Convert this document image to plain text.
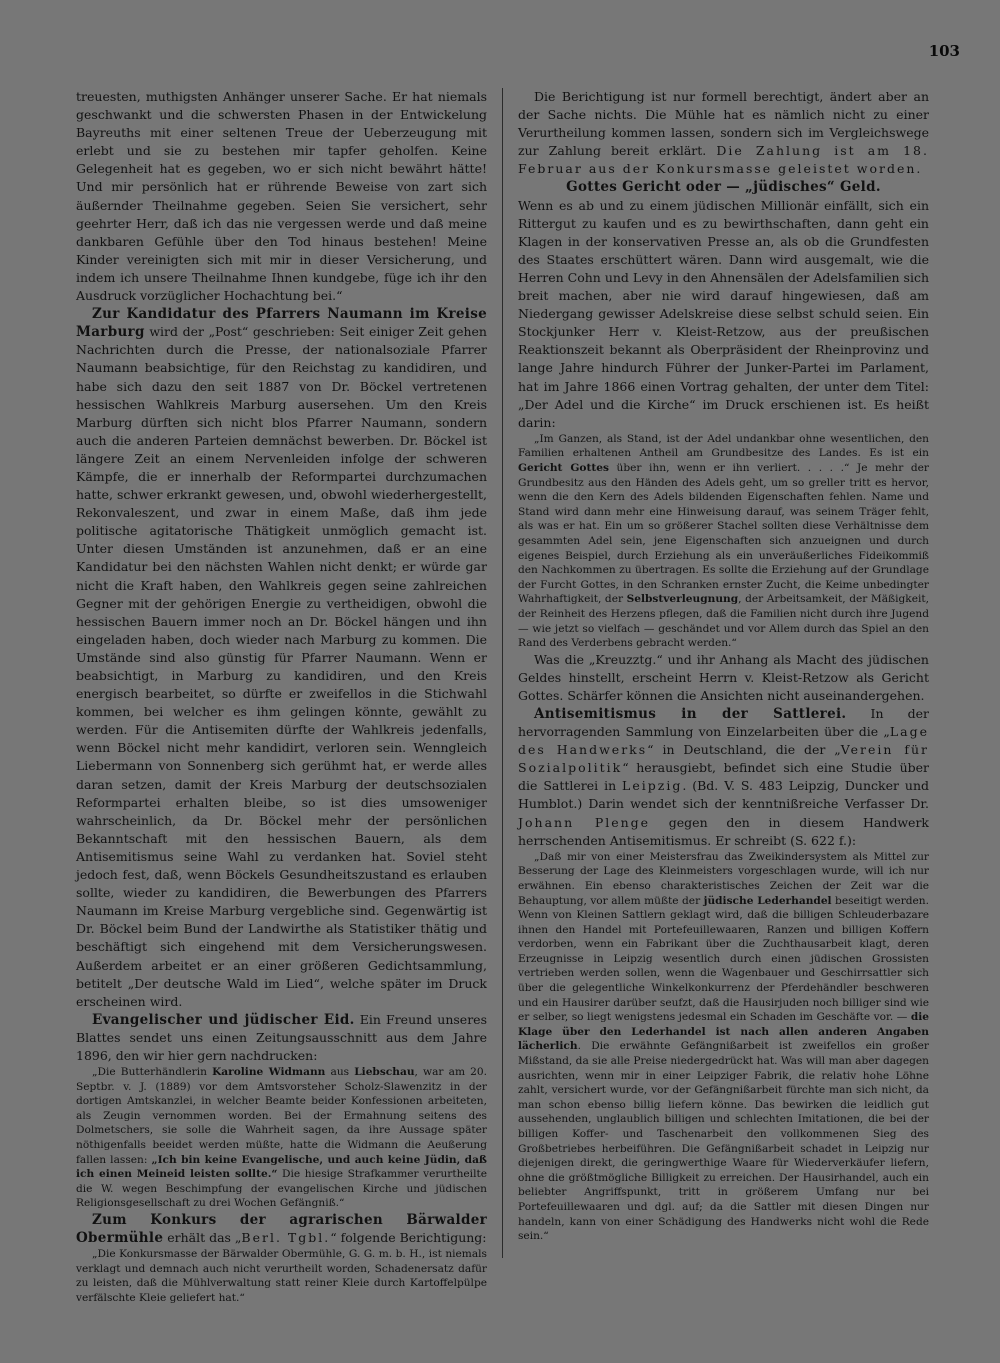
103

treuesten, muthigsten Anhänger unserer Sache. Er hat niemals geschwankt und die schwersten Phasen in der Entwickelung Bayreuths mit einer seltenen Treue der Ueberzeugung mit erlebt und sie zu bestehen mir tapfer geholfen. Keine Gelegenheit hat es gegeben, wo er sich nicht bewährt hätte! Und mir persönlich hat er rührende Beweise von zart sich äußernder Theilnahme gegeben. Seien Sie versichert, sehr geehrter Herr, daß ich das nie vergessen werde und daß meine dankbaren Gefühle über den Tod hinaus bestehen! Meine Kinder vereinigten sich mit mir in dieser Versicherung, und indem ich unsere Theilnahme Ihnen kundgebe, füge ich ihr den Ausdruck vorzüglicher Hochachtung bei.“

Zur Kandidatur des Pfarrers Naumann im Kreise Marburg wird der „Post“ geschrieben: Seit einiger Zeit gehen Nachrichten durch die Presse, der nationalsoziale Pfarrer Naumann beabsichtige, für den Reichstag zu kandidiren, und habe sich dazu den seit 1887 von Dr. Böckel vertretenen hessischen Wahlkreis Marburg ausersehen. Um den Kreis Marburg dürften sich nicht blos Pfarrer Naumann, sondern auch die anderen Parteien demnächst bewerben. Dr. Böckel ist längere Zeit an einem Nervenleiden infolge der schweren Kämpfe, die er innerhalb der Reformpartei durchzumachen hatte, schwer erkrankt gewesen, und, obwohl wiederhergestellt, Rekonvaleszent, und zwar in einem Maße, daß ihm jede politische agitatorische Thätigkeit unmöglich gemacht ist. Unter diesen Umständen ist anzunehmen, daß er an eine Kandidatur bei den nächsten Wahlen nicht denkt; er würde gar nicht die Kraft haben, den Wahlkreis gegen seine zahlreichen Gegner mit der gehörigen Energie zu vertheidigen, obwohl die hessischen Bauern immer noch an Dr. Böckel hängen und ihn eingeladen haben, doch wieder nach Marburg zu kommen. Die Umstände sind also günstig für Pfarrer Naumann. Wenn er beabsichtigt, in Marburg zu kandidiren, und den Kreis energisch bearbeitet, so dürfte er zweifellos in die Stichwahl kommen, bei welcher es ihm gelingen könnte, gewählt zu werden. Für die Antisemiten dürfte der Wahlkreis jedenfalls, wenn Böckel nicht mehr kandidirt, verloren sein. Wenngleich Liebermann von Sonnenberg sich gerühmt hat, er werde alles daran setzen, damit der Kreis Marburg der deutschsozialen Reformpartei erhalten bleibe, so ist dies umsoweniger wahrscheinlich, da Dr. Böckel mehr der persönlichen Bekanntschaft mit den hessischen Bauern, als dem Antisemitismus seine Wahl zu verdanken hat. Soviel steht jedoch fest, daß, wenn Böckels Gesundheitszustand es erlauben sollte, wieder zu kandidiren, die Bewerbungen des Pfarrers Naumann im Kreise Marburg vergebliche sind. Gegenwärtig ist Dr. Böckel beim Bund der Landwirthe als Statistiker thätig und beschäftigt sich eingehend mit dem Versicherungswesen. Außerdem arbeitet er an einer größeren Gedichtsammlung, betitelt „Der deutsche Wald im Lied“, welche später im Druck erscheinen wird.

Evangelischer und jüdischer Eid. Ein Freund unseres Blattes sendet uns einen Zeitungsausschnitt aus dem Jahre 1896, den wir hier gern nachdrucken:

„Die Butterhändlerin Karoline Widmann aus Liebschau, war am 20. Septbr. v. J. (1889) vor dem Amtsvorsteher Scholz-Slawenzitz in der dortigen Amtskanzlei, in welcher Beamte beider Konfessionen arbeiteten, als Zeugin vernommen worden. Bei der Ermahnung seitens des Dolmetschers, sie solle die Wahrheit sagen, da ihre Aussage später nöthigenfalls beeidet werden müßte, hatte die Widmann die Aeußerung fallen lassen: „Ich bin keine Evangelische, und auch keine Jüdin, daß ich einen Meineid leisten sollte.“ Die hiesige Strafkammer verurtheilte die W. wegen Beschimpfung der evangelischen Kirche und jüdischen Religionsgesellschaft zu drei Wochen Gefängniß.“

Zum Konkurs der agrarischen Bärwalder Obermühle erhält das „Berl. Tgbl.“ folgende Berichtigung:

„Die Konkursmasse der Bärwalder Obermühle, G. G. m. b. H., ist niemals verklagt und demnach auch nicht verurtheilt worden, Schadenersatz dafür zu leisten, daß die Mühlverwaltung statt reiner Kleie durch Kartoffelpülpe verfälschte Kleie geliefert hat.“

Die Berichtigung ist nur formell berechtigt, ändert aber an der Sache nichts. Die Mühle hat es nämlich nicht zu einer Verurtheilung kommen lassen, sondern sich im Vergleichswege zur Zahlung bereit erklärt. Die Zahlung ist am 18. Februar aus der Konkursmasse geleistet worden.

Gottes Gericht oder — „jüdisches“ Geld.

Wenn es ab und zu einem jüdischen Millionär einfällt, sich ein Rittergut zu kaufen und es zu bewirthschaften, dann geht ein Klagen in der konservativen Presse an, als ob die Grundfesten des Staates erschüttert wären. Dann wird ausgemalt, wie die Herren Cohn und Levy in den Ahnensälen der Adelsfamilien sich breit machen, aber nie wird darauf hingewiesen, daß am Niedergang gewisser Adelskreise diese selbst schuld seien. Ein Stockjunker Herr v. Kleist-Retzow, aus der preußischen Reaktionszeit bekannt als Oberpräsident der Rheinprovinz und lange Jahre hindurch Führer der Junker-Partei im Parlament, hat im Jahre 1866 einen Vortrag gehalten, der unter dem Titel: „Der Adel und die Kirche“ im Druck erschienen ist. Es heißt darin:

„Im Ganzen, als Stand, ist der Adel undankbar ohne wesentlichen, den Familien erhaltenen Antheil am Grundbesitze des Landes. Es ist ein Gericht Gottes über ihn, wenn er ihn verliert. . . . .“ Je mehr der Grundbesitz aus den Händen des Adels geht, um so greller tritt es hervor, wenn die den Kern des Adels bildenden Eigenschaften fehlen. Name und Stand wird dann mehr eine Hinweisung darauf, was seinem Träger fehlt, als was er hat. Ein um so größerer Stachel sollten diese Verhältnisse dem gesammten Adel sein, jene Eigenschaften sich anzueignen und durch eigenes Beispiel, durch Erziehung als ein unveräußerliches Fideikommiß den Nachkommen zu übertragen. Es sollte die Erziehung auf der Grundlage der Furcht Gottes, in den Schranken ernster Zucht, die Keime unbedingter Wahrhaftigkeit, der Selbstverleugnung, der Arbeitsamkeit, der Mäßigkeit, der Reinheit des Herzens pflegen, daß die Familien nicht durch ihre Jugend — wie jetzt so vielfach — geschändet und vor Allem durch das Spiel an den Rand des Verderbens gebracht werden.“

Was die „Kreuzztg.“ und ihr Anhang als Macht des jüdischen Geldes hinstellt, erscheint Herrn v. Kleist-Retzow als Gericht Gottes. Schärfer können die Ansichten nicht auseinandergehen.

Antisemitismus in der Sattlerei. In der hervorragenden Sammlung von Einzelarbeiten über die „Lage des Handwerks“ in Deutschland, die der „Verein für Sozialpolitik“ herausgiebt, befindet sich eine Studie über die Sattlerei in Leipzig. (Bd. V. S. 483 Leipzig, Duncker und Humblot.) Darin wendet sich der kenntnißreiche Verfasser Dr. Johann Plenge gegen den in diesem Handwerk herrschenden Antisemitismus. Er schreibt (S. 622 f.):

„Daß mir von einer Meistersfrau das Zweikindersystem als Mittel zur Besserung der Lage des Kleinmeisters vorgeschlagen wurde, will ich nur erwähnen. Ein ebenso charakteristisches Zeichen der Zeit war die Behauptung, vor allem müßte der jüdische Lederhandel beseitigt werden. Wenn von Kleinen Sattlern geklagt wird, daß die billigen Schleuderbazare ihnen den Handel mit Portefeuillewaaren, Ranzen und billigen Koffern verdorben, wenn ein Fabrikant über die Zuchthausarbeit klagt, deren Erzeugnisse in Leipzig wesentlich durch einen jüdischen Grossisten vertrieben werden sollen, wenn die Wagenbauer und Geschirrsattler sich über die gelegentliche Winkelkonkurrenz der Pferdehändler beschweren und ein Hausirer darüber seufzt, daß die Hausirjuden noch billiger sind wie er selber, so liegt wenigstens jedesmal ein Schaden im Geschäfte vor. — die Klage über den Lederhandel ist nach allen anderen Angaben lächerlich. Die erwähnte Gefängnißarbeit ist zweifellos ein großer Mißstand, da sie alle Preise niedergedrückt hat. Was will man aber dagegen ausrichten, wenn mir in einer Leipziger Fabrik, die relativ hohe Löhne zahlt, versichert wurde, vor der Gefängnißarbeit fürchte man sich nicht, da man schon ebenso billig liefern könne. Das bewirken die leidlich gut aussehenden, unglaublich billigen und schlechten Imitationen, die bei der billigen Koffer- und Taschenarbeit den vollkommenen Sieg des Großbetriebes herbeiführen. Die Gefängnißarbeit schadet in Leipzig nur diejenigen direkt, die geringwerthige Waare für Wiederverkäufer liefern, ohne die größtmögliche Billigkeit zu erreichen. Der Hausirhandel, auch ein beliebter Angriffspunkt, tritt in größerem Umfang nur bei Portefeuillewaaren und dgl. auf; da die Sattler mit diesen Dingen nur handeln, kann von einer Schädigung des Handwerks nicht wohl die Rede sein.“
